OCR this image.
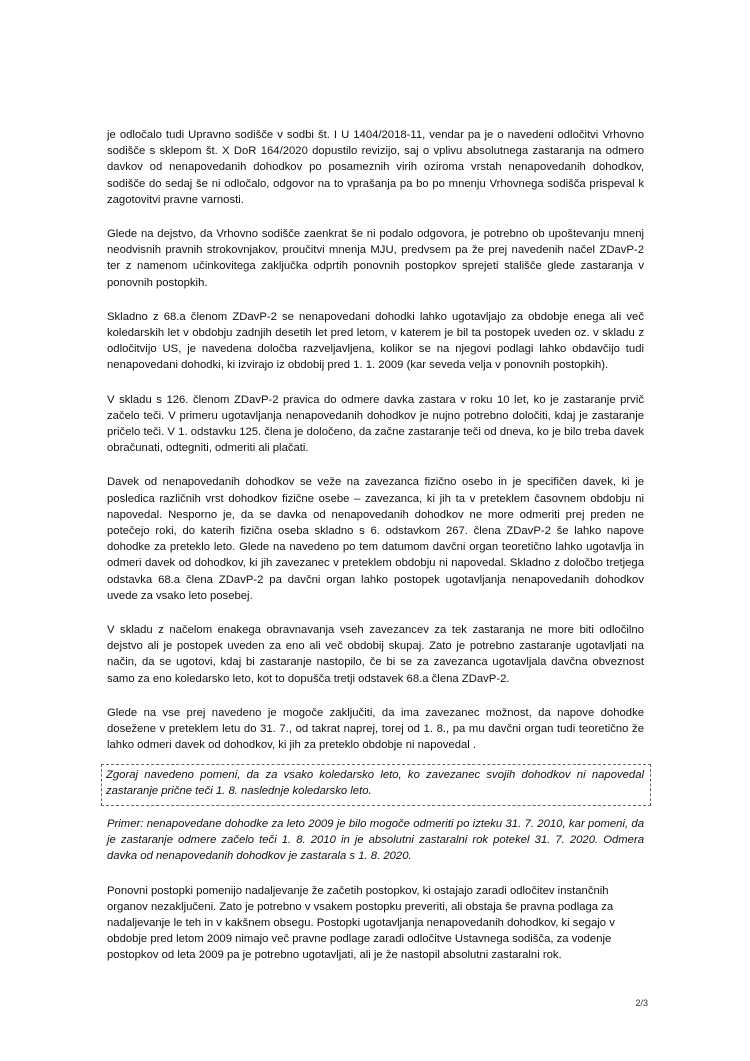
je odločalo tudi Upravno sodišče v sodbi št. I U 1404/2018-11, vendar pa je o navedeni odločitvi Vrhovno sodišče s sklepom št. X DoR 164/2020 dopustilo revizijo, saj o vplivu absolutnega zastaranja na odmero davkov od nenapovedanih dohodkov po posameznih virih oziroma vrstah nenapovedanih dohodkov, sodišče do sedaj še ni odločalo, odgovor na to vprašanja pa bo po mnenju Vrhovnega sodišča prispeval k zagotovitvi pravne varnosti.

Glede na dejstvo, da Vrhovno sodišče zaenkrat še ni podalo odgovora, je potrebno ob upoštevanju mnenj neodvisnih pravnih strokovnjakov, proučitvi mnenja MJU, predvsem pa že prej navedenih načel ZDavP-2 ter z namenom učinkovitega zaključka odprtih ponovnih postopkov sprejeti stališče glede zastaranja v ponovnih postopkih.

Skladno z 68.a členom ZDavP-2 se nenapovedani dohodki lahko ugotavljajo za obdobje enega ali več koledarskih let v obdobju zadnjih desetih let pred letom, v katerem je bil ta postopek uveden oz. v skladu z odločitvijo US, je navedena določba razveljavljena, kolikor se na njegovi podlagi lahko obdavčijo tudi nenapovedani dohodki, ki izvirajo iz obdobij pred 1. 1. 2009 (kar seveda velja v ponovnih postopkih).

V skladu s 126. členom ZDavP-2 pravica do odmere davka zastara v roku 10 let, ko je zastaranje prvič začelo teči. V primeru ugotavljanja nenapovedanih dohodkov je nujno potrebno določiti, kdaj je zastaranje pričelo teči. V 1. odstavku 125. člena je določeno, da začne zastaranje teči od dneva, ko je bilo treba davek obračunati, odtegniti, odmeriti ali plačati.

Davek od nenapovedanih dohodkov se veže na zavezanca fizično osebo in je specifičen davek, ki je posledica različnih vrst dohodkov fizične osebe – zavezanca, ki jih ta v preteklem časovnem obdobju ni napovedal. Nesporno je, da se davka od nenapovedanih dohodkov ne more odmeriti prej preden ne potečejo roki, do katerih fizična oseba skladno s 6. odstavkom 267. člena ZDavP-2 še lahko napove dohodke za preteklo leto. Glede na navedeno po tem datumom davčni organ teoretično lahko ugotavlja in odmeri davek od dohodkov, ki jih zavezanec v preteklem obdobju ni napovedal. Skladno z določbo tretjega odstavka 68.a člena ZDavP-2 pa davčni organ lahko postopek ugotavljanja nenapovedanih dohodkov uvede za vsako leto posebej.

V skladu z načelom enakega obravnavanja vseh zavezancev za tek zastaranja ne more biti odločilno dejstvo ali je postopek uveden za eno ali več obdobij skupaj. Zato je potrebno zastaranje ugotavljati na način, da se ugotovi, kdaj bi zastaranje nastopilo, če bi se za zavezanca ugotavljala davčna obveznost samo za eno koledarsko leto, kot to dopušča tretji odstavek 68.a člena ZDavP-2.

Glede na vse prej navedeno je mogoče zaključiti, da ima zavezanec možnost, da napove dohodke dosežene v preteklem letu do 31. 7., od takrat naprej, torej od 1. 8., pa mu davčni organ tudi teoretično že lahko odmeri davek od dohodkov, ki jih za preteklo obdobje ni napovedal .

Zgoraj navedeno pomeni, da za vsako koledarsko leto, ko zavezanec svojih dohodkov ni napovedal zastaranje prične teči 1. 8. naslednje koledarsko leto.

Primer: nenapovedane dohodke za leto 2009 je bilo mogoče odmeriti po izteku 31. 7. 2010, kar pomeni, da je zastaranje odmere začelo teči 1. 8. 2010 in je absolutni zastaralni rok potekel 31. 7. 2020. Odmera davka od nenapovedanih dohodkov je zastarala s 1. 8. 2020.

Ponovni postopki pomenijo nadaljevanje že začetih postopkov, ki ostajajo zaradi odločitev instančnih organov nezaključeni. Zato je potrebno v vsakem postopku preveriti, ali obstaja še pravna podlaga za nadaljevanje le teh in v kakšnem obsegu. Postopki ugotavljanja nenapovedanih dohodkov, ki segajo v obdobje pred letom 2009 nimajo več pravne podlage zaradi odločitve Ustavnega sodišča, za vodenje postopkov od leta 2009 pa je potrebno ugotavljati, ali je že nastopil absolutni zastaralni rok.

2/3
